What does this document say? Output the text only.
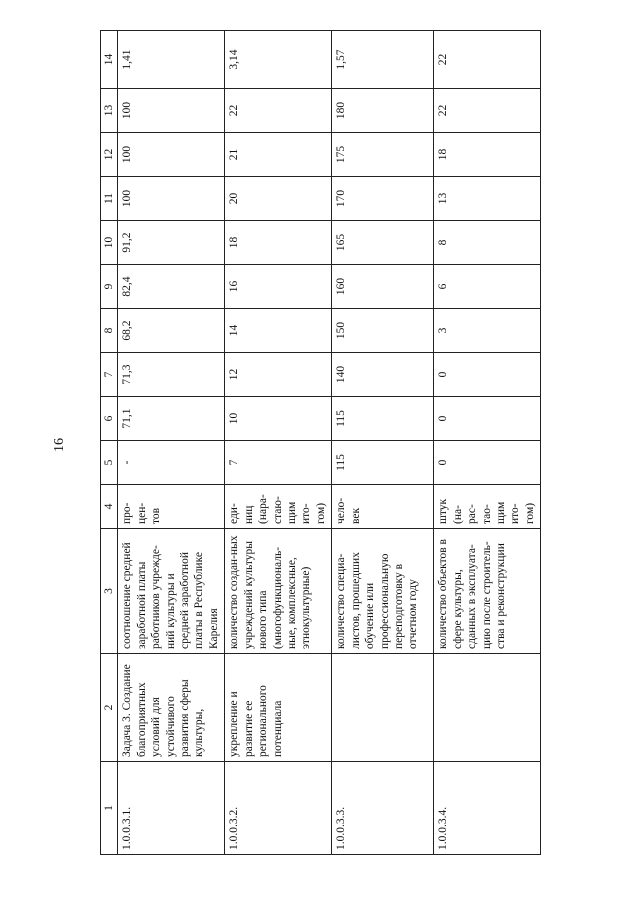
16
1	2	3	4	5	6	7	8	9	10	11	12	13	14
1.0.0.3.1.	Задача 3. Создание благоприятных условий для устойчивого развития сферы культуры,	соотношение средней заработной платы работников учрежде-ний культуры и средней заработной платы в Республике Карелия	про-цен-тов	-	71,1	71,3	68,2	82,4	91,2	100	100	100	1,41
1.0.0.3.2.	укрепление и развитие ее регионального потенциала	количество создан-ных учреждений культуры нового типа (многофункциональ-ные, комплексные, этнокультурные)	еди-ниц (нара-стаю-щим ито-гом)	7	10	12	14	16	18	20	21	22	3,14
1.0.0.3.3.		количество специа-листов, прошедших обучение или профессиональную переподготовку в отчетном году	чело-век	115	115	140	150	160	165	170	175	180	1,57
1.0.0.3.4.		количество объектов в сфере культуры, сданных в эксплуата-цию после строитель-ства и реконструкции	штук (на-рас-тао-щим ито-гом)	0	0	0	3	6	8	13	18	22	22
